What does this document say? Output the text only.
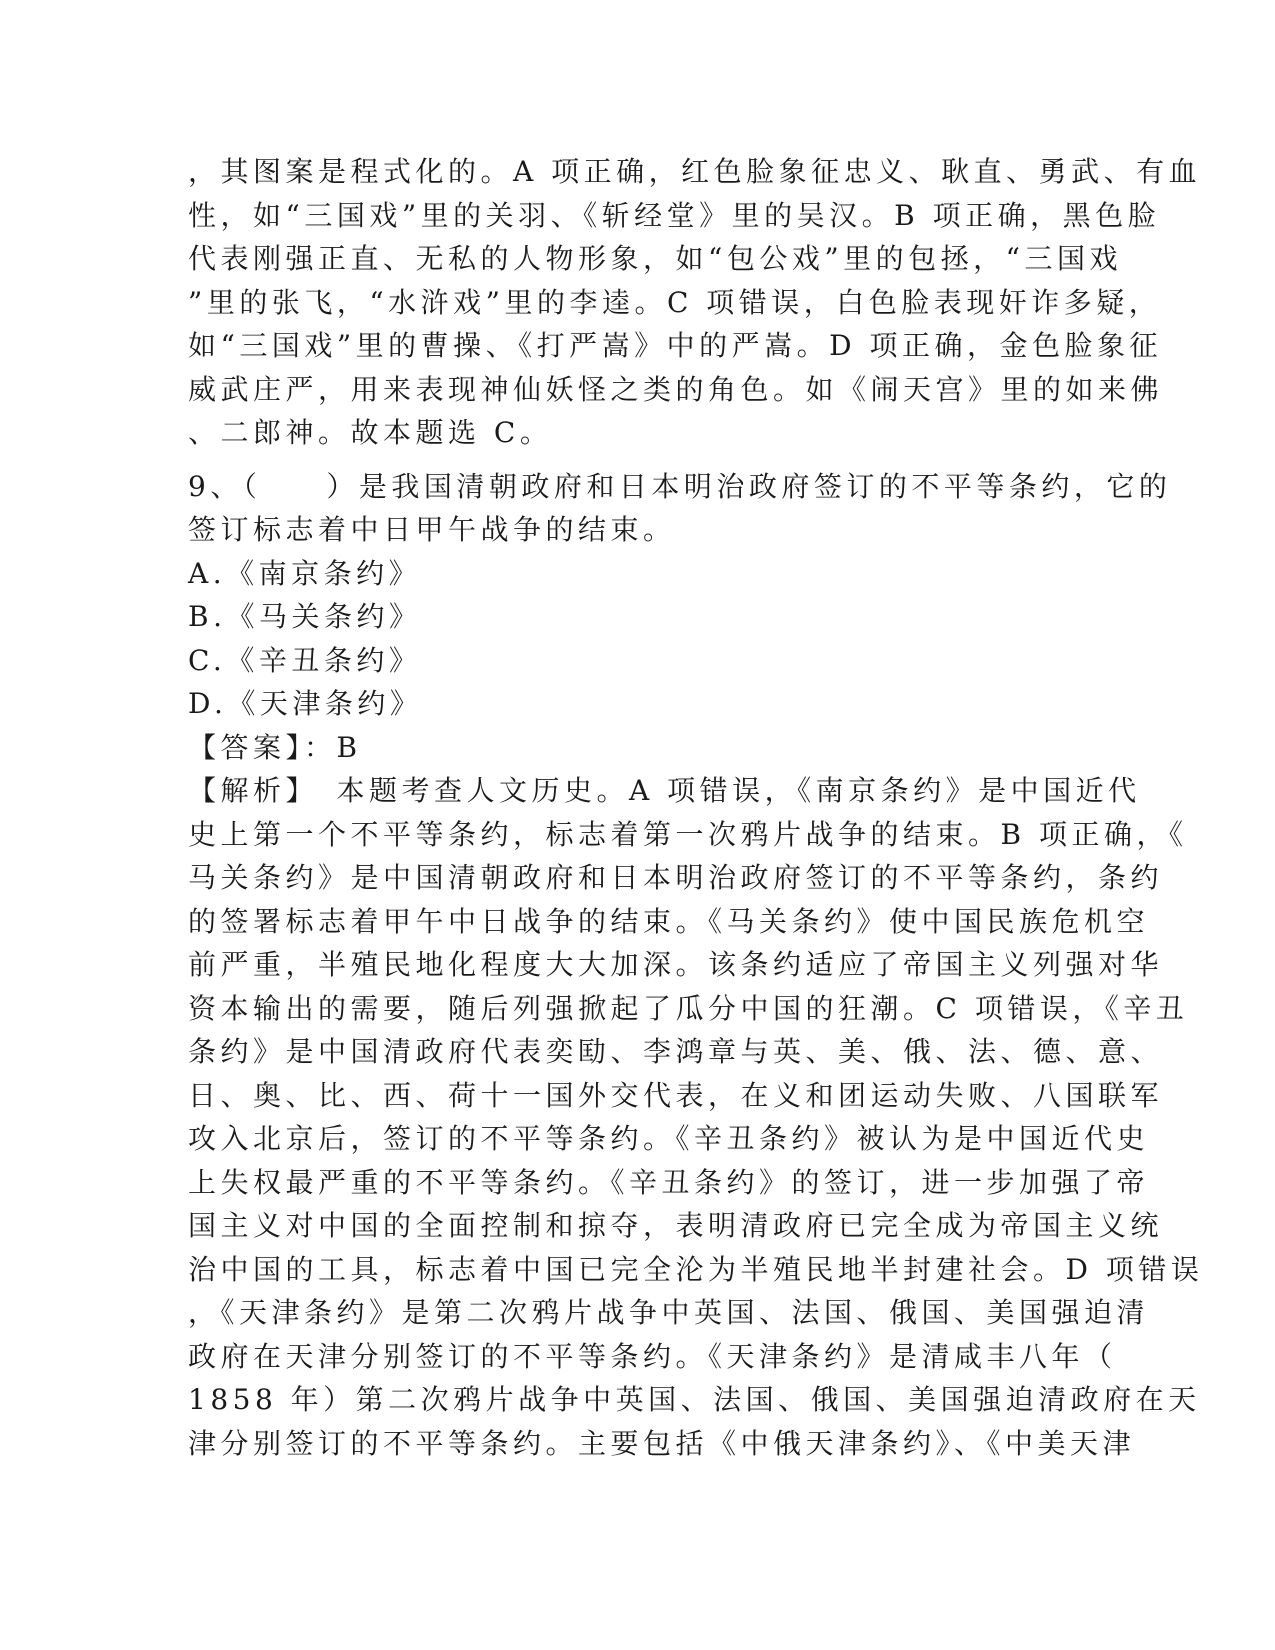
，其图案是程式化的。A 项正确，红色脸象征忠义、耿直、勇武、有血
性，如“三国戏”里的关羽、《斩经堂》里的吴汉。B 项正确，黑色脸
代表刚强正直、无私的人物形象，如“包公戏”里的包拯，“三国戏
”里的张飞，“水浒戏”里的李逵。C 项错误，白色脸表现奸诈多疑，
如“三国戏”里的曹操、《打严嵩》中的严嵩。D 项正确，金色脸象征
威武庄严，用来表现神仙妖怪之类的角色。如《闹天宫》里的如来佛
、二郎神。故本题选 C。
9、（　　）是我国清朝政府和日本明治政府签订的不平等条约，它的
签订标志着中日甲午战争的结束。
A.《南京条约》
B.《马关条约》
C.《辛丑条约》
D.《天津条约》
【答案】：B
【解析】　本题考查人文历史。A 项错误，《南京条约》是中国近代
史上第一个不平等条约，标志着第一次鸦片战争的结束。B 项正确，《
马关条约》是中国清朝政府和日本明治政府签订的不平等条约，条约
的签署标志着甲午中日战争的结束。《马关条约》使中国民族危机空
前严重，半殖民地化程度大大加深。该条约适应了帝国主义列强对华
资本输出的需要，随后列强掀起了瓜分中国的狂潮。C 项错误，《辛丑
条约》是中国清政府代表奕劻、李鸿章与英、美、俄、法、德、意、
日、奥、比、西、荷十一国外交代表，在义和团运动失败、八国联军
攻入北京后，签订的不平等条约。《辛丑条约》被认为是中国近代史
上失权最严重的不平等条约。《辛丑条约》的签订，进一步加强了帝
国主义对中国的全面控制和掠夺，表明清政府已完全成为帝国主义统
治中国的工具，标志着中国已完全沦为半殖民地半封建社会。D 项错误
，《天津条约》是第二次鸦片战争中英国、法国、俄国、美国强迫清
政府在天津分别签订的不平等条约。《天津条约》是清咸丰八年（
1858 年）第二次鸦片战争中英国、法国、俄国、美国强迫清政府在天
津分别签订的不平等条约。主要包括《中俄天津条约》、《中美天津
